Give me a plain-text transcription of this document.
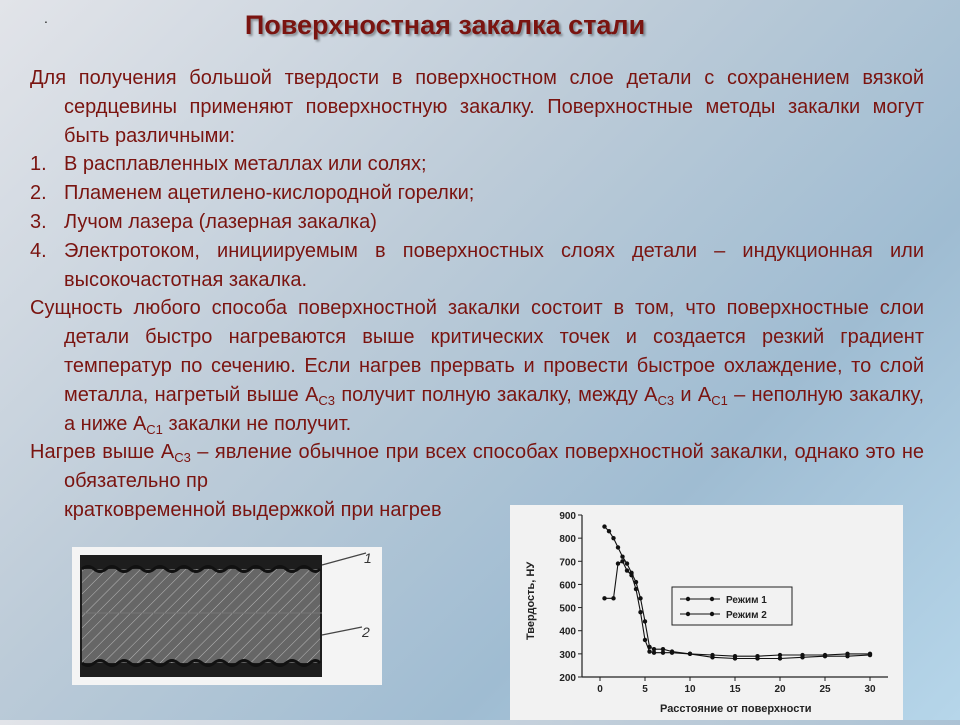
.	Поверхностная закалка стали

Для получения большой твердости в поверхностном слое детали с сохранением вязкой сердцевины применяют поверхностную закалку. Поверхностные методы закалки могут быть различными:

1. В расплавленных металлах или солях;
2. Пламенем ацетилено-кислородной горелки;
3. Лучом лазера (лазерная закалка)
4. Электротоком, инициируемым в поверхностных слоях детали – индукционная или высокочастотная закалка.

Сущность любого способа поверхностной закалки состоит в том, что поверхностные слои детали быстро нагреваются выше критических точек и создается резкий градиент температур по сечению. Если нагрев прервать и провести быстрое охлаждение, то слой металла, нагретый выше $А_{С3}$ получит полную закалку, между $А_{С3}$ и $А_{С1}$ – неполную закалку, а ниже $А_{С1}$ закалки не получит.

Нагрев выше $А_{С3}$ – явление обычное при всех способах поверхностной закалки, однако это не обязательно пр

кратковременной выдержкой при нагрев

1
2
200
300
400
500
600
700
800
900
0	5	10	15	20	25	30
Режим 1
Режим 2
Твердость, НУ
Расстояние от поверхности
